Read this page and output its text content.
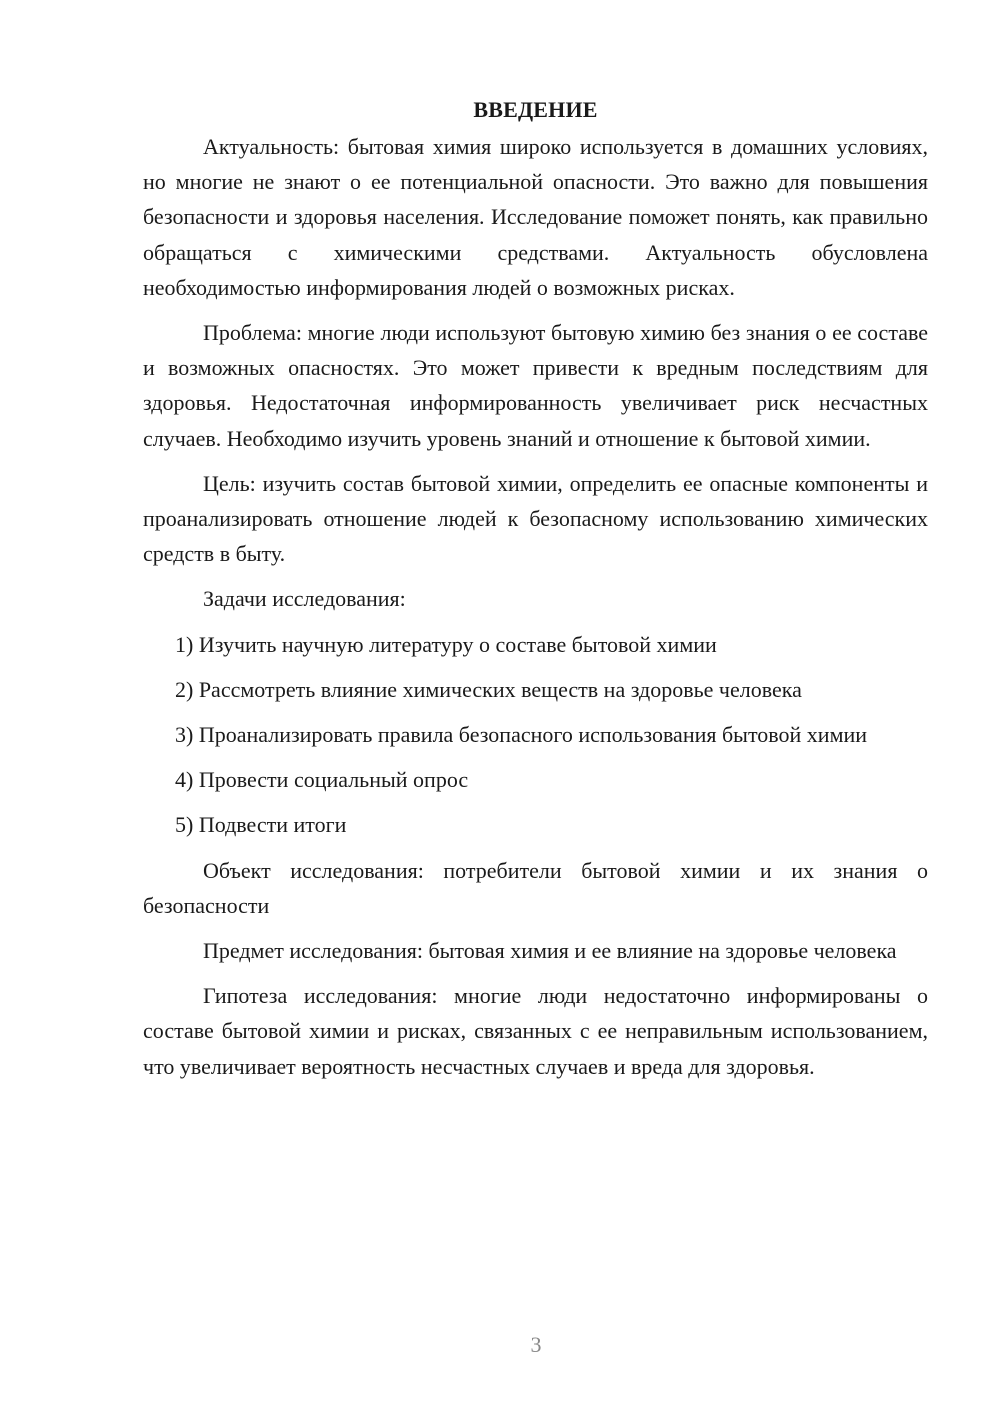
ВВЕДЕНИЕ

Актуальность: бытовая химия широко используется в домашних условиях, но многие не знают о ее потенциальной опасности. Это важно для повышения безопасности и здоровья населения. Исследование поможет понять, как правильно обращаться с химическими средствами. Актуальность обусловлена необходимостью информирования людей о возможных рисках.

Проблема: многие люди используют бытовую химию без знания о ее составе и возможных опасностях. Это может привести к вредным последствиям для здоровья. Недостаточная информированность увеличивает риск несчастных случаев. Необходимо изучить уровень знаний и отношение к бытовой химии.

Цель: изучить состав бытовой химии, определить ее опасные компоненты и проанализировать отношение людей к безопасному использованию химических средств в быту.

Задачи исследования:

1) Изучить научную литературу о составе бытовой химии

2) Рассмотреть влияние химических веществ на здоровье человека

3) Проанализировать правила безопасного использования бытовой химии

4) Провести социальный опрос

5) Подвести итоги

Объект исследования: потребители бытовой химии и их знания о безопасности

Предмет исследования: бытовая химия и ее влияние на здоровье человека

Гипотеза исследования: многие люди недостаточно информированы о составе бытовой химии и рисках, связанных с ее неправильным использованием, что увеличивает вероятность несчастных случаев и вреда для здоровья.

3
